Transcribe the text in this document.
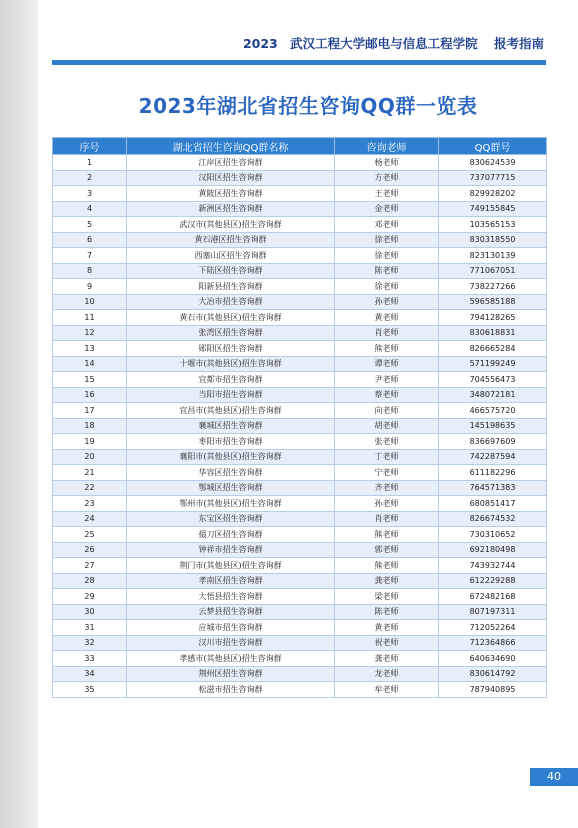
2023 武汉工程大学邮电与信息工程学院 报考指南
2023年湖北省招生咨询QQ群一览表
序号	湖北省招生咨询QQ群名称	咨询老师	QQ群号
1	江岸区招生咨询群	杨老师	830624539
2	汉阳区招生咨询群	方老师	737077715
3	黄陂区招生咨询群	王老师	829928202
4	新洲区招生咨询群	金老师	749155845
5	武汉市(其他县区)招生咨询群	邓老师	103565153
6	黄石港区招生咨询群	徐老师	830318550
7	西塞山区招生咨询群	徐老师	823130139
8	下陆区招生咨询群	陈老师	771067051
9	阳新县招生咨询群	徐老师	738227266
10	大冶市招生咨询群	孙老师	596585188
11	黄石市(其他县区)招生咨询群	黄老师	794128265
12	张湾区招生咨询群	肖老师	830618831
13	郧阳区招生咨询群	熊老师	826665284
14	十堰市(其他县区)招生咨询群	谭老师	571199249
15	宜都市招生咨询群	尹老师	704556473
16	当阳市招生咨询群	蔡老师	348072181
17	宜昌市(其他县区)招生咨询群	向老师	466575720
18	襄城区招生咨询群	胡老师	145198635
19	枣阳市招生咨询群	张老师	836697609
20	襄阳市(其他县区)招生咨询群	丁老师	742287594
21	华容区招生咨询群	宁老师	611182296
22	鄂城区招生咨询群	齐老师	764571383
23	鄂州市(其他县区)招生咨询群	孙老师	680851417
24	东宝区招生咨询群	肖老师	826674532
25	掇刀区招生咨询群	熊老师	730310652
26	钟祥市招生咨询群	郭老师	692180498
27	荆门市(其他县区)招生咨询群	熊老师	743932744
28	孝南区招生咨询群	龚老师	612229288
29	大悟县招生咨询群	梁老师	672482168
30	云梦县招生咨询群	陈老师	807197311
31	应城市招生咨询群	黄老师	712052264
32	汉川市招生咨询群	祝老师	712364866
33	孝感市(其他县区)招生咨询群	龚老师	640634690
34	荆州区招生咨询群	龙老师	830614792
35	松滋市招生咨询群	牟老师	787940895
40
